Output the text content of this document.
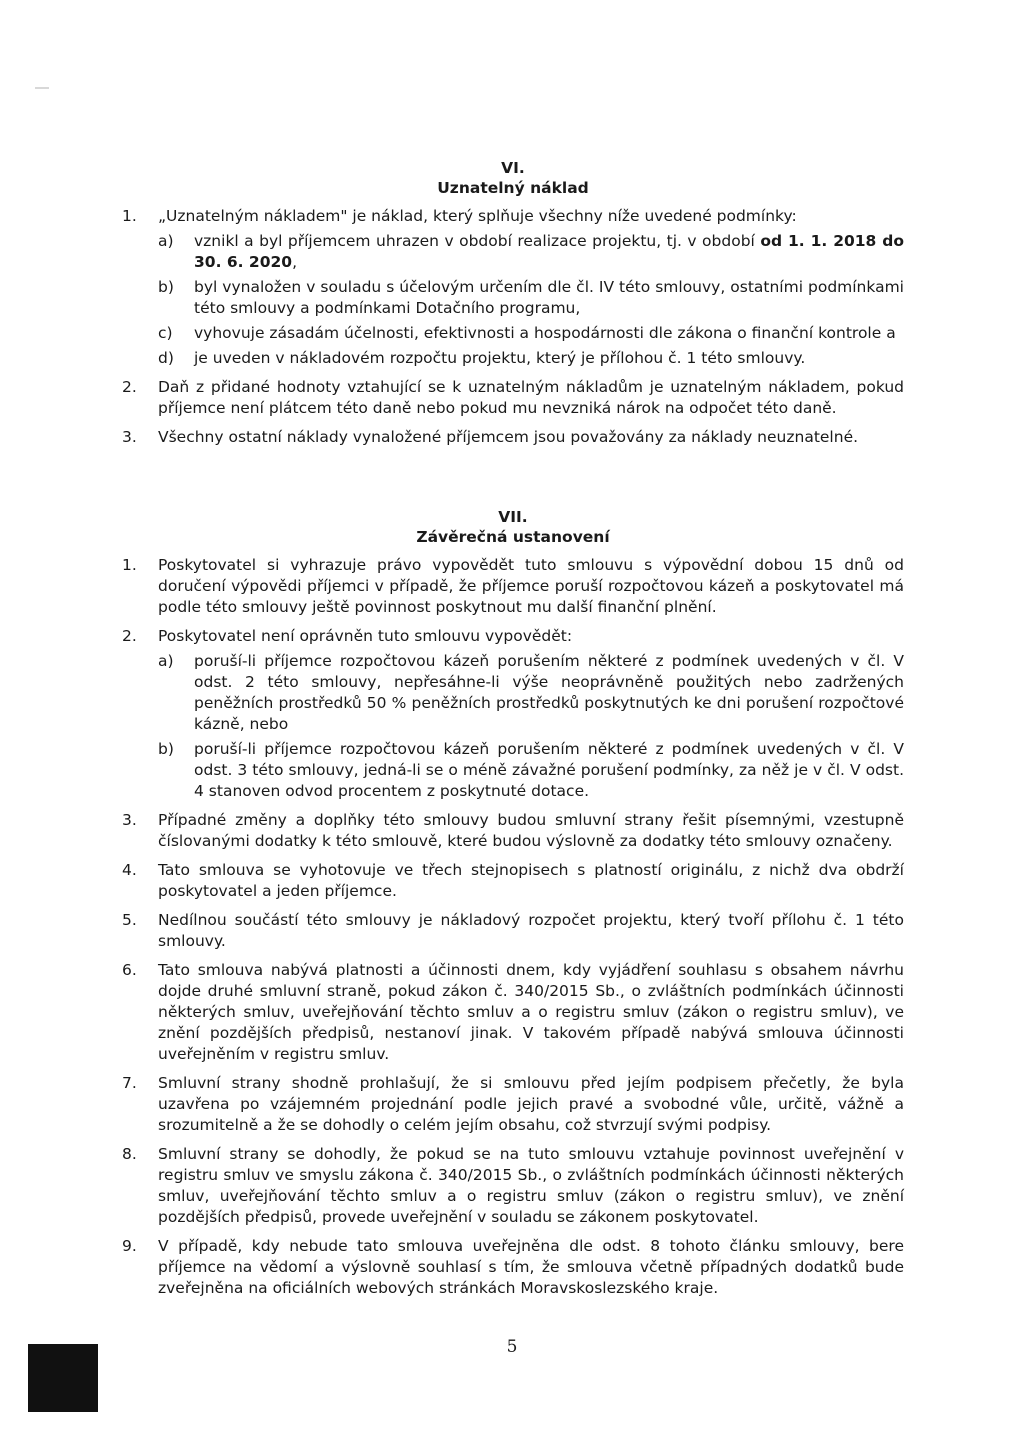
VI.
Uznatelný náklad
1. „Uznatelným nákladem" je náklad, který splňuje všechny níže uvedené podmínky:
a) vznikl a byl příjemcem uhrazen v období realizace projektu, tj. v období od 1. 1. 2018 do 30. 6. 2020,
b) byl vynaložen v souladu s účelovým určením dle čl. IV této smlouvy, ostatními podmínkami této smlouvy a podmínkami Dotačního programu,
c) vyhovuje zásadám účelnosti, efektivnosti a hospodárnosti dle zákona o finanční kontrole a
d) je uveden v nákladovém rozpočtu projektu, který je přílohou č. 1 této smlouvy.
2. Daň z přidané hodnoty vztahující se k uznatelným nákladům je uznatelným nákladem, pokud příjemce není plátcem této daně nebo pokud mu nevzniká nárok na odpočet této daně.
3. Všechny ostatní náklady vynaložené příjemcem jsou považovány za náklady neuznatelné.
VII.
Závěrečná ustanovení
1. Poskytovatel si vyhrazuje právo vypovědět tuto smlouvu s výpovědní dobou 15 dnů od doručení výpovědi příjemci v případě, že příjemce poruší rozpočtovou kázeň a poskytovatel má podle této smlouvy ještě povinnost poskytnout mu další finanční plnění.
2. Poskytovatel není oprávněn tuto smlouvu vypovědět:
a) poruší-li příjemce rozpočtovou kázeň porušením některé z podmínek uvedených v čl. V odst. 2 této smlouvy, nepřesáhne-li výše neoprávněně použitých nebo zadržených peněžních prostředků 50 % peněžních prostředků poskytnutých ke dni porušení rozpočtové kázně, nebo
b) poruší-li příjemce rozpočtovou kázeň porušením některé z podmínek uvedených v čl. V odst. 3 této smlouvy, jedná-li se o méně závažné porušení podmínky, za něž je v čl. V odst. 4 stanoven odvod procentem z poskytnuté dotace.
3. Případné změny a doplňky této smlouvy budou smluvní strany řešit písemnými, vzestupně číslovanými dodatky k této smlouvě, které budou výslovně za dodatky této smlouvy označeny.
4. Tato smlouva se vyhotovuje ve třech stejnopisech s platností originálu, z nichž dva obdrží poskytovatel a jeden příjemce.
5. Nedílnou součástí této smlouvy je nákladový rozpočet projektu, který tvoří přílohu č. 1 této smlouvy.
6. Tato smlouva nabývá platnosti a účinnosti dnem, kdy vyjádření souhlasu s obsahem návrhu dojde druhé smluvní straně, pokud zákon č. 340/2015 Sb., o zvláštních podmínkách účinnosti některých smluv, uveřejňování těchto smluv a o registru smluv (zákon o registru smluv), ve znění pozdějších předpisů, nestanoví jinak. V takovém případě nabývá smlouva účinnosti uveřejněním v registru smluv.
7. Smluvní strany shodně prohlašují, že si smlouvu před jejím podpisem přečetly, že byla uzavřena po vzájemném projednání podle jejich pravé a svobodné vůle, určitě, vážně a srozumitelně a že se dohodly o celém jejím obsahu, což stvrzují svými podpisy.
8. Smluvní strany se dohodly, že pokud se na tuto smlouvu vztahuje povinnost uveřejnění v registru smluv ve smyslu zákona č. 340/2015 Sb., o zvláštních podmínkách účinnosti některých smluv, uveřejňování těchto smluv a o registru smluv (zákon o registru smluv), ve znění pozdějších předpisů, provede uveřejnění v souladu se zákonem poskytovatel.
9. V případě, kdy nebude tato smlouva uveřejněna dle odst. 8 tohoto článku smlouvy, bere příjemce na vědomí a výslovně souhlasí s tím, že smlouva včetně případných dodatků bude zveřejněna na oficiálních webových stránkách Moravskoslezského kraje.
5
